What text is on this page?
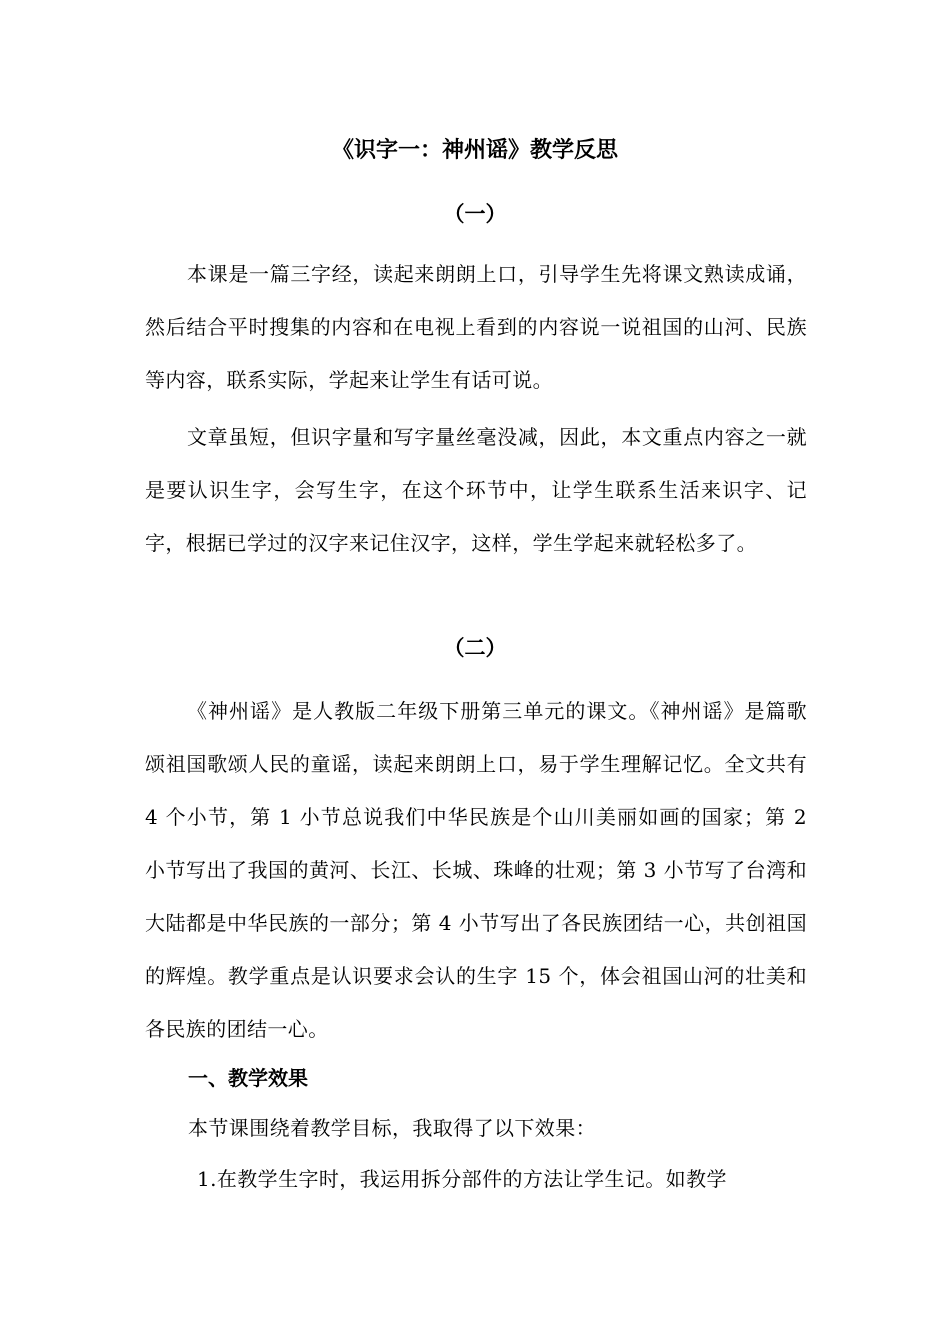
《识字一：神州谣》教学反思
（一）

本课是一篇三字经，读起来朗朗上口，引导学生先将课文熟读成诵，然后结合平时搜集的内容和在电视上看到的内容说一说祖国的山河、民族等内容，联系实际，学起来让学生有话可说。

文章虽短，但识字量和写字量丝毫没减，因此，本文重点内容之一就是要认识生字，会写生字，在这个环节中，让学生联系生活来识字、记字，根据已学过的汉字来记住汉字，这样，学生学起来就轻松多了。

（二）

《神州谣》是人教版二年级下册第三单元的课文。《神州谣》是篇歌颂祖国歌颂人民的童谣，读起来朗朗上口，易于学生理解记忆。全文共有 4 个小节，第 1 小节总说我们中华民族是个山川美丽如画的国家；第 2 小节写出了我国的黄河、长江、长城、珠峰的壮观；第 3 小节写了台湾和大陆都是中华民族的一部分；第 4 小节写出了各民族团结一心，共创祖国的辉煌。教学重点是认识要求会认的生字 15 个，体会祖国山河的壮美和各民族的团结一心。

一、教学效果
本节课围绕着教学目标，我取得了以下效果：
1.在教学生字时，我运用拆分部件的方法让学生记。如教学
